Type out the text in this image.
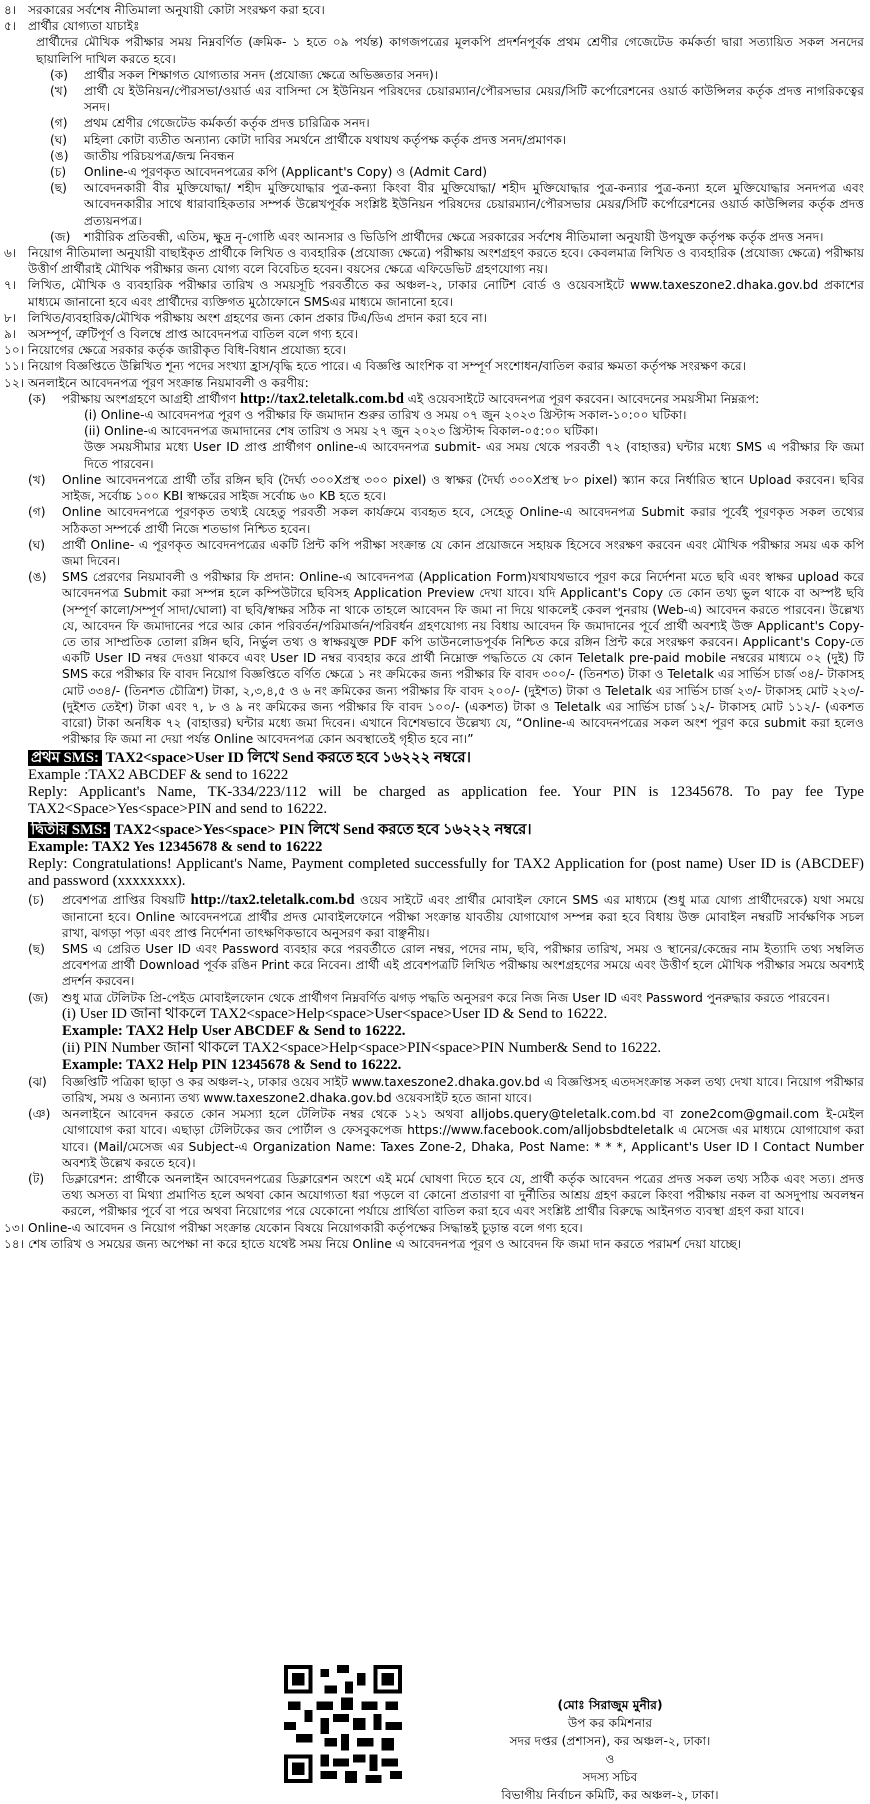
৪। সরকারের সর্বশেষ নীতিমালা অনুযায়ী কোটা সংরক্ষণ করা হবে।
৫। প্রার্থীর যোগ্যতা যাচাইঃ
প্রার্থীদের মৌখিক পরীক্ষার সময় নিম্নবর্ণিত (ক্রমিক- ১ হতে ০৯ পর্যন্ত) কাগজপত্রের মূলকপি প্রদর্শনপূর্বক প্রথম শ্রেণীর গেজেটেড কর্মকর্তা দ্বারা সত্যায়িত সকল সনদের ছায়ালিপি দাখিল করতে হবে।
(ক)	প্রার্থীর সকল শিক্ষাগত যোগ্যতার সনদ (প্রযোজ্য ক্ষেত্রে অভিজ্ঞতার সনদ)।
(খ)	প্রার্থী যে ইউনিয়ন/পৌরসভা/ওয়ার্ড এর বাসিন্দা সে ইউনিয়ন পরিষদের চেয়ারম্যান/পৌরসভার মেয়র/সিটি কর্পোরেশনের ওয়ার্ড কাউন্সিলর কর্তৃক প্রদত্ত নাগরিকত্বের সনদ।
(গ)	প্রথম শ্রেণীর গেজেটেড কর্মকর্তা কর্তৃক প্রদত্ত চারিত্রিক সনদ।
(ঘ)	মহিলা কোটা ব্যতীত অন্যান্য কোটা দাবির সমর্থনে প্রার্থীকে যথাযথ কর্তৃপক্ষ কর্তৃক প্রদত্ত সনদ/প্রমাণক।
(ঙ)	জাতীয় পরিচয়পত্র/জন্ম নিবন্ধন
(চ)	Online-এ পূরণকৃত আবেদনপত্রের কপি (Applicant's Copy) ও (Admit Card)
(ছ)	আবেদনকারী বীর মুক্তিযোদ্ধা/ শহীদ মুক্তিযোদ্ধার পুত্র-কন্যা কিংবা বীর মুক্তিযোদ্ধা/ শহীদ মুক্তিযোদ্ধার পুত্র-কন্যার পুত্র-কন্যা হলে মুক্তিযোদ্ধার সনদপত্র এবং আবেদনকারীর সাথে ধারাবাহিকতার সম্পর্ক উল্লেখপূর্বক সংশ্লিষ্ট ইউনিয়ন পরিষদের চেয়ারম্যান/পৌরসভার মেয়র/সিটি কর্পোরেশনের ওয়ার্ড কাউন্সিলর কর্তৃক প্রদত্ত প্রত্যয়নপত্র।
(জ)	শারীরিক প্রতিবন্ধী, এতিম, ক্ষুদ্র নৃ-গোষ্ঠি এবং আনসার ও ভিডিপি প্রার্থীদের ক্ষেত্রে সরকারের সর্বশেষ নীতিমালা অনুযায়ী উপযুক্ত কর্তৃপক্ষ কর্তৃক প্রদত্ত সনদ।
৬। নিয়োগ নীতিমালা অনুযায়ী বাছাইকৃত প্রার্থীকে লিখিত ও ব্যবহারিক (প্রযোজ্য ক্ষেত্রে) পরীক্ষায় অংশগ্রহণ করতে হবে। কেবলমাত্র লিখিত ও ব্যবহারিক (প্রযোজ্য ক্ষেত্রে) পরীক্ষায় উত্তীর্ণ প্রার্থীরাই মৌখিক পরীক্ষার জন্য যোগ্য বলে বিবেচিত হবেন। বয়সের ক্ষেত্রে এফিডেভিট গ্রহণযোগ্য নয়।
৭। লিখিত, মৌখিক ও ব্যবহারিক পরীক্ষার তারিখ ও সময়সূচি পরবর্তীতে কর অঞ্চল-২, ঢাকার নোটিশ বোর্ড ও ওয়েবসাইটে www.taxeszone2.dhaka.gov.bd প্রকাশের মাধ্যমে জানানো হবে এবং প্রার্থীদের ব্যক্তিগত মুঠোফোনে SMSএর মাধ্যমে জানানো হবে।
৮। লিখিত/ব্যবহারিক/মৌখিক পরীক্ষায় অংশ গ্রহণের জন্য কোন প্রকার টিএ/ডিএ প্রদান করা হবে না।
৯। অসম্পূর্ণ, ত্রুটিপূর্ণ ও বিলম্বে প্রাপ্ত আবেদনপত্র বাতিল বলে গণ্য হবে।
১০। নিয়োগের ক্ষেত্রে সরকার কর্তৃক জারীকৃত বিধি-বিধান প্রযোজ্য হবে।
১১। নিয়োগ বিজ্ঞপ্তিতে উল্লিখিত শূন্য পদের সংখ্যা হ্রাস/বৃদ্ধি হতে পারে। এ বিজ্ঞপ্তি আংশিক বা সম্পূর্ণ সংশোধন/বাতিল করার ক্ষমতা কর্তৃপক্ষ সংরক্ষণ করে।
১২। অনলাইনে আবেদনপত্র পূরণ সংক্রান্ত নিয়মাবলী ও করণীয়:
(ক)	পরীক্ষায় অংশগ্রহণে আগ্রহী প্রার্থীগণ http://tax2.teletalk.com.bd এই ওয়েবসাইটে আবেদনপত্র পূরণ করবেন। আবেদনের সময়সীমা নিম্নরূপ:
(i) Online-এ আবেদনপত্র পূরণ ও পরীক্ষার ফি জমাদান শুরুর তারিখ ও সময় ০৭ জুন ২০২৩ খ্রিস্টাব্দ সকাল-১০:০০ ঘটিকা।
(ii) Online-এ আবেদনপত্র জমাদানের শেষ তারিখ ও সময় ২৭ জুন ২০২৩ খ্রিস্টাব্দ বিকাল-০৫:০০ ঘটিকা।
উক্ত সময়সীমার মধ্যে User ID প্রাপ্ত প্রার্থীগণ online-এ আবেদনপত্র submit- এর সময় থেকে পরবর্তী ৭২ (বাহাত্তর) ঘন্টার মধ্যে SMS এ পরীক্ষার ফি জমা দিতে পারবেন।
(খ)	Online আবেদনপত্রে প্রার্থী তাঁর রঙ্গিন ছবি (দৈর্ঘ্য ৩০০Xপ্রস্থ ৩০০ pixel) ও স্বাক্ষর (দৈর্ঘ্য ৩০০Xপ্রস্থ ৮০ pixel) স্ক্যান করে নির্ধারিত স্থানে Upload করবেন। ছবির সাইজ, সর্বোচ্চ ১০০ KBI স্বাক্ষরের সাইজ সর্বোচ্চ ৬০ KB হতে হবে।
(গ)	Online আবেদনপত্রে পূরণকৃত তথ্যই যেহেতু পরবর্তী সকল কার্যক্রমে ব্যবহৃত হবে, সেহেতু Online-এ আবেদনপত্র Submit করার পূর্বেই পূরণকৃত সকল তথ্যের সঠিকতা সম্পর্কে প্রার্থী নিজে শতভাগ নিশ্চিত হবেন।
(ঘ)	প্রার্থী Online- এ পূরণকৃত আবেদনপত্রের একটি প্রিন্ট কপি পরীক্ষা সংক্রান্ত যে কোন প্রয়োজনে সহায়ক হিসেবে সংরক্ষণ করবেন এবং মৌখিক পরীক্ষার সময় এক কপি জমা দিবেন।
(ঙ)	SMS প্রেরণের নিয়মাবলী ও পরীক্ষার ফি প্রদান: Online-এ আবেদনপত্র (Application Form)যথাযথভাবে পূরণ করে নির্দেশনা মতে ছবি এবং স্বাক্ষর upload করে আবেদনপত্র Submit করা সম্পন্ন হলে কম্পিউটারে ছবিসহ Application Preview দেখা যাবে। যদি Applicant's Copy তে কোন তথ্য ভুল থাকে বা অস্পষ্ট ছবি (সম্পূর্ণ কালো/সম্পূর্ণ সাদা/ঘোলা) বা ছবি/স্বাক্ষর সঠিক না থাকে তাহলে আবেদন ফি জমা না দিয়ে থাকলেই কেবল পুনরায় (Web-এ) আবেদন করতে পারবেন। উল্লেখ্য যে, আবেদন ফি জমাদানের পরে আর কোন পরিবর্তন/পরিমার্জন/পরিবর্ধন গ্রহণযোগ্য নয় বিধায় আবেদন ফি জমাদানের পূর্বে প্রার্থী অবশ্যই উক্ত Applicant's Copy-তে তার সাম্প্রতিক তোলা রঙ্গিন ছবি, নির্ভুল তথ্য ও স্বাক্ষরযুক্ত PDF কপি ডাউনলোডপূর্বক নিশ্চিত করে রঙ্গিন প্রিন্ট করে সংরক্ষণ করবেন। Applicant's Copy-তে একটি User ID নম্বর দেওয়া থাকবে এবং User ID নম্বর ব্যবহার করে প্রার্থী নিম্নোক্ত পদ্ধতিতে যে কোন Teletalk pre-paid mobile নম্বরের মাধ্যমে ০২ (দুই) টি SMS করে পরীক্ষার ফি বাবদ নিয়োগ বিজ্ঞপ্তিতে বর্ণিত ক্ষেত্রে ১ নং ক্রমিকের জন্য পরীক্ষার ফি বাবদ ৩০০/- (তিনশত) টাকা ও Teletalk এর সার্ভিস চার্জ ৩৪/- টাকাসহ মোট ৩৩৪/- (তিনশত চৌত্রিশ) টাকা, ২,৩,৪,৫ ও ৬ নং ক্রমিকের জন্য পরীক্ষার ফি বাবদ ২০০/- (দুইশত) টাকা ও Teletalk এর সার্ভিস চার্জ ২৩/- টাকাসহ মোট ২২৩/- (দুইশত তেইশ) টাকা এবং ৭, ৮ ও ৯ নং ক্রমিকের জন্য পরীক্ষার ফি বাবদ ১০০/- (একশত) টাকা ও Teletalk এর সার্ভিস চার্জ ১২/- টাকাসহ মোট ১১২/- (একশত বারো) টাকা অনধিক ৭২ (বাহাত্তর) ঘন্টার মধ্যে জমা দিবেন। এখানে বিশেষভাবে উল্লেখ্য যে, “Online-এ আবেদনপত্রের সকল অংশ পূরণ করে submit করা হলেও পরীক্ষার ফি জমা না দেয়া পর্যন্ত Online আবেদনপত্র কোন অবস্থাতেই গৃহীত হবে না।”
প্রথম SMS: TAX2<space>User ID লিখে Send করতে হবে ১৬২২২ নম্বরে।
Example :TAX2 ABCDEF & send to 16222
Reply: Applicant's Name, TK-334/223/112 will be charged as application fee. Your PIN is 12345678. To pay fee Type TAX2<Space>Yes<space>PIN and send to 16222.
দ্বিতীয় SMS: TAX2<space>Yes<space> PIN লিখে Send করতে হবে ১৬২২২ নম্বরে।
Example: TAX2 Yes 12345678 & send to 16222
Reply: Congratulations! Applicant's Name, Payment completed successfully for TAX2 Application for (post name) User ID is (ABCDEF) and password (xxxxxxxx).
(চ)	প্রবেশপত্র প্রাপ্তির বিষয়টি http://tax2.teletalk.com.bd ওয়েব সাইটে এবং প্রার্থীর মোবাইল ফোনে SMS এর মাধ্যমে (শুধু মাত্র যোগ্য প্রার্থীদেরকে) যথা সময়ে জানানো হবে। Online আবেদনপত্রে প্রার্থীর প্রদত্ত মোবাইলফোনে পরীক্ষা সংক্রান্ত যাবতীয় যোগাযোগ সম্পন্ন করা হবে বিধায় উক্ত মোবাইল নম্বরটি সার্বক্ষণিক সচল রাখা, ঝগড়া পড়া এবং প্রাপ্ত নির্দেশনা তাৎক্ষণিকভাবে অনুসরণ করা বাঞ্ছনীয়।
(ছ)	SMS এ প্রেরিত User ID এবং Password ব্যবহার করে পরবর্তীতে রোল নম্বর, পদের নাম, ছবি, পরীক্ষার তারিখ, সময় ও স্থানের/কেন্দ্রের নাম ইত্যাদি তথ্য সম্বলিত প্রবেশপত্র প্রার্থী Download পূর্বক রঙিন Print করে নিবেন। প্রার্থী এই প্রবেশপত্রটি লিখিত পরীক্ষায় অংশগ্রহণের সময়ে এবং উত্তীর্ণ হলে মৌখিক পরীক্ষার সময়ে অবশ্যই প্রদর্শন করবেন।
(জ)	শুধু মাত্র টেলিটক প্রি-পেইড মোবাইলফোন থেকে প্রার্থীগণ নিম্নবর্ণিত ঝগড় পদ্ধতি অনুসরণ করে নিজ নিজ User ID এবং Password পুনরুদ্ধার করতে পারবেন।
(i) User ID জানা থাকলে TAX2<space>Help<space>User<space>User ID & Send to 16222.
Example: TAX2 Help User ABCDEF & Send to 16222.
(ii) PIN Number জানা থাকলে TAX2<space>Help<space>PIN<space>PIN Number& Send to 16222.
Example: TAX2 Help PIN 12345678 & Send to 16222.
(ঝ)	বিজ্ঞপ্তিটি পত্রিকা ছাড়া ও কর অঞ্চল-২, ঢাকার ওয়েব সাইট www.taxeszone2.dhaka.gov.bd এ বিজ্ঞপ্তিসহ এতদসংক্রান্ত সকল তথ্য দেখা যাবে। নিয়োগ পরীক্ষার তারিখ, সময় ও অন্যান্য তথ্য www.taxeszone2.dhaka.gov.bd ওয়েবসাইট হতে জানা যাবে।
(ঞ) অনলাইনে আবেদন করতে কোন সমস্যা হলে টেলিটক নম্বর থেকে ১২১ অথবা alljobs.query@teletalk.com.bd বা zone2com@gmail.com ই-মেইল যোগাযোগ করা যাবে। এছাড়া টেলিটকের জব পোর্টাল ও ফেসবুকপেজ https://www.facebook.com/alljobsbdteletalk এ মেসেজ এর মাধ্যমে যোগাযোগ করা যাবে। (Mail/মেসেজ এর Subject-এ Organization Name: Taxes Zone-2, Dhaka, Post Name: * * *, Applicant's User ID I Contact Number অবশ্যই উল্লেখ করতে হবে)।
(ট)	ডিক্লারেশন: প্রার্থীকে অনলাইন আবেদনপত্রের ডিক্লারেশন অংশে এই মর্মে ঘোষণা দিতে হবে যে, প্রার্থী কর্তৃক আবেদন পত্রের প্রদত্ত সকল তথ্য সঠিক এবং সত্য। প্রদত্ত তথ্য অসত্য বা মিথ্যা প্রমাণিত হলে অথবা কোন অযোগ্যতা ধরা পড়লে বা কোনো প্রতারণা বা দুর্নীতির আশ্রয় গ্রহণ করলে কিংবা পরীক্ষায় নকল বা অসদুপায় অবলম্বন করলে, পরীক্ষার পূর্বে বা পরে অথবা নিয়োগের পরে যেকোনো পর্যায়ে প্রার্থিতা বাতিল করা হবে এবং সংশ্লিষ্ট প্রার্থীর বিরুদ্ধে আইনগত ব্যবস্থা গ্রহণ করা যাবে।
১৩। Online-এ আবেদন ও নিয়োগ পরীক্ষা সংক্রান্ত যেকোন বিষয়ে নিয়োগকারী কর্তৃপক্ষের সিদ্ধান্তই চূড়ান্ত বলে গণ্য হবে।
১৪। শেষ তারিখ ও সময়ের জন্য অপেক্ষা না করে হাতে যথেষ্ট সময় নিয়ে Online এ আবেদনপত্র পূরণ ও আবেদন ফি জমা দান করতে পরামর্শ দেয়া যাচ্ছে।
(মোঃ সিরাজুম মুনীর)
উপ কর কমিশনার
সদর দপ্তর (প্রশাসন), কর অঞ্চল-২, ঢাকা।
ও
সদস্য সচিব
বিভাগীয় নির্বাচন কমিটি, কর অঞ্চল-২, ঢাকা।
